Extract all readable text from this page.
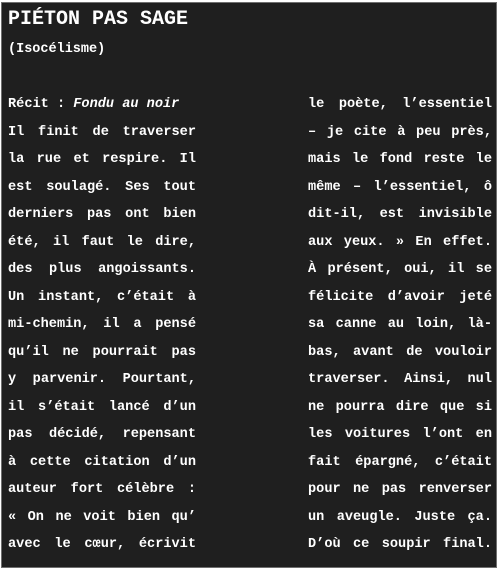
PIÉTON PAS SAGE
(Isocélisme)
Récit : Fondu au noir
Il finit de traverser
la rue et respire. Il
est soulagé. Ses tout
derniers pas ont bien
été, il faut le dire,
des plus angoissants.
Un instant, c’était à
mi-chemin, il a pensé
qu’il ne pourrait pas
y parvenir. Pourtant,
il s’était lancé d’un
pas décidé, repensant
à cette citation d’un
auteur fort célèbre :
« On ne voit bien qu’
avec le cœur, écrivit
le poète, l’essentiel
– je cite à peu près,
mais le fond reste le
même – l’essentiel, ô
dit-il, est invisible
aux yeux. » En effet.
À présent, oui, il se
félicite d’avoir jeté
sa canne au loin, là-
bas, avant de vouloir
traverser. Ainsi, nul
ne pourra dire que si
les voitures l’ont en
fait épargné, c’était
pour ne pas renverser
un aveugle. Juste ça.
D’où ce soupir final.
